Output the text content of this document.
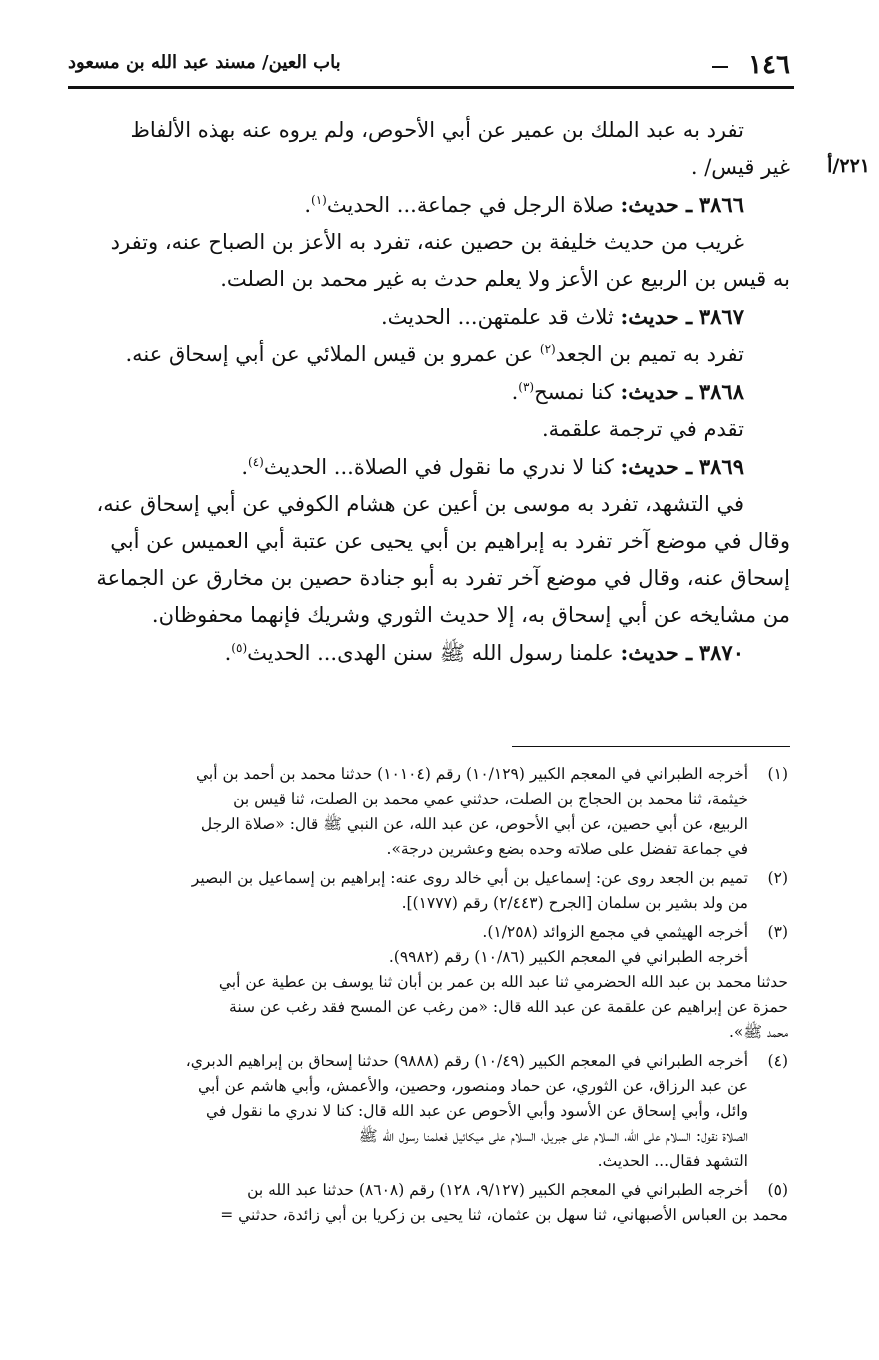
١٤٦
باب العين/ مسند عبد الله بن مسعود
٢٢١/أ
تفرد به عبد الملك بن عمير عن أبي الأحوص، ولم يروه عنه بهذه الألفاظ
غير قيس/ .
٣٨٦٦ ـ حديث: صلاة الرجل في جماعة... الحديث$^{(١)}$.
غريب من حديث خليفة بن حصين عنه، تفرد به الأعز بن الصباح عنه، وتفرد
به قيس بن الربيع عن الأعز ولا يعلم حدث به غير محمد بن الصلت.
٣٨٦٧ ـ حديث: ثلاث قد علمتهن... الحديث.
تفرد به تميم بن الجعد$^{(٢)}$ عن عمرو بن قيس الملائي عن أبي إسحاق عنه.
٣٨٦٨ ـ حديث: كنا نمسح$^{(٣)}$.
تقدم في ترجمة علقمة.
٣٨٦٩ ـ حديث: كنا لا ندري ما نقول في الصلاة... الحديث$^{(٤)}$.
في التشهد، تفرد به موسى بن أعين عن هشام الكوفي عن أبي إسحاق عنه،
وقال في موضع آخر تفرد به إبراهيم بن أبي يحيى عن عتبة أبي العميس عن أبي
إسحاق عنه، وقال في موضع آخر تفرد به أبو جنادة حصين بن مخارق عن الجماعة
من مشايخه عن أبي إسحاق به، إلا حديث الثوري وشريك فإنهما محفوظان.
٣٨٧٠ ـ حديث: علمنا رسول الله ﷺ سنن الهدى... الحديث$^{(٥)}$.
(١)
أخرجه الطبراني في المعجم الكبير (١٠/١٢٩) رقم (١٠١٠٤) حدثنا محمد بن أحمد بن أبي
خيثمة، ثنا محمد بن الحجاج بن الصلت، حدثني عمي محمد بن الصلت، ثنا قيس بن
الربيع، عن أبي حصين، عن أبي الأحوص، عن عبد الله، عن النبي ﷺ قال: «صلاة الرجل
في جماعة تفضل على صلاته وحده بضع وعشرين درجة».
(٢)
تميم بن الجعد روى عن: إسماعيل بن أبي خالد روى عنه: إبراهيم بن إسماعيل بن البصير
من ولد بشير بن سلمان [الجرح (٢/٤٤٣) رقم (١٧٧٧)].
(٣)
أخرجه الهيثمي في مجمع الزوائد (١/٢٥٨).
أخرجه الطبراني في المعجم الكبير (١٠/٨٦) رقم (٩٩٨٢).
حدثنا محمد بن عبد الله الحضرمي ثنا عبد الله بن عمر بن أبان ثنا يوسف بن عطية عن أبي
حمزة عن إبراهيم عن علقمة عن عبد الله قال: «من رغب عن المسح فقد رغب عن سنة
محمد ﷺ».
(٤)
أخرجه الطبراني في المعجم الكبير (١٠/٤٩) رقم (٩٨٨٨) حدثنا إسحاق بن إبراهيم الدبري،
عن عبد الرزاق، عن الثوري، عن حماد ومنصور، وحصين، والأعمش، وأبي هاشم عن أبي
وائل، وأبي إسحاق عن الأسود وأبي الأحوص عن عبد الله قال: كنا لا ندري ما نقول في
الصلاة نقول: السلام على الله، السلام على جبريل، السلام على ميكائيل فعلمنا رسول الله ﷺ
التشهد فقال... الحديث.
(٥)
أخرجه الطبراني في المعجم الكبير (٩/١٢٧، ١٢٨) رقم (٨٦٠٨) حدثنا عبد الله بن
محمد بن العباس الأصبهاني، ثنا سهل بن عثمان، ثنا يحيى بن زكريا بن أبي زائدة، حدثني =
